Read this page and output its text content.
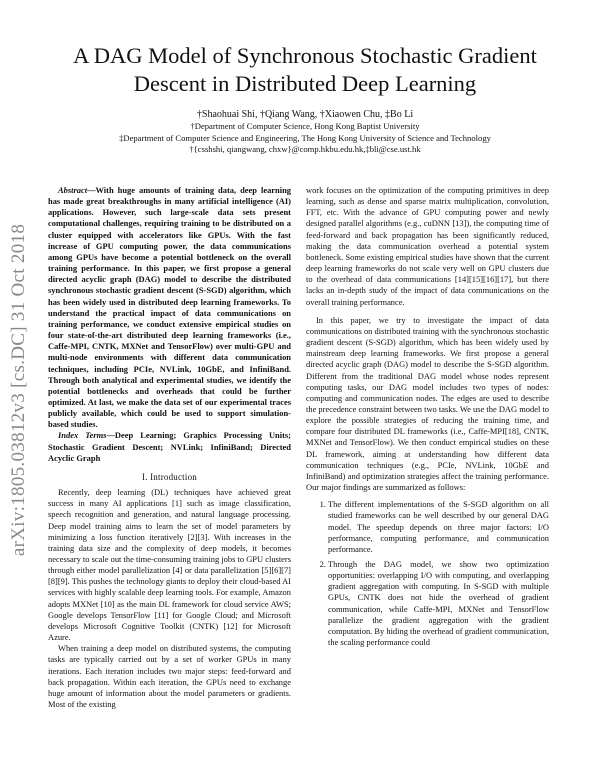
arXiv:1805.03812v3 [cs.DC] 31 Oct 2018
A DAG Model of Synchronous Stochastic Gradient Descent in Distributed Deep Learning
†Shaohuai Shi, †Qiang Wang, †Xiaowen Chu, ‡Bo Li
†Department of Computer Science, Hong Kong Baptist University
‡Department of Computer Science and Engineering, The Hong Kong University of Science and Technology
†{csshshi, qiangwang, chxw}@comp.hkbu.edu.hk,‡bli@cse.ust.hk

Abstract—With huge amounts of training data, deep learning has made great breakthroughs in many artificial intelligence (AI) applications. However, such large-scale data sets present computational challenges, requiring training to be distributed on a cluster equipped with accelerators like GPUs. With the fast increase of GPU computing power, the data communications among GPUs have become a potential bottleneck on the overall training performance. In this paper, we first propose a general directed acyclic graph (DAG) model to describe the distributed synchronous stochastic gradient descent (S-SGD) algorithm, which has been widely used in distributed deep learning frameworks. To understand the practical impact of data communications on training performance, we conduct extensive empirical studies on four state-of-the-art distributed deep learning frameworks (i.e., Caffe-MPI, CNTK, MXNet and TensorFlow) over multi-GPU and multi-node environments with different data communication techniques, including PCIe, NVLink, 10GbE, and InfiniBand. Through both analytical and experimental studies, we identify the potential bottlenecks and overheads that could be further optimized. At last, we make the data set of our experimental traces publicly available, which could be used to support simulation-based studies.

Index Terms—Deep Learning; Graphics Processing Units; Stochastic Gradient Descent; NVLink; InfiniBand; Directed Acyclic Graph

I. Introduction

Recently, deep learning (DL) techniques have achieved great success in many AI applications [1] such as image classification, speech recognition and generation, and natural language processing. Deep model training aims to learn the set of model parameters by minimizing a loss function iteratively [2][3]. With increases in the training data size and the complexity of deep models, it becomes necessary to scale out the time-consuming training jobs to GPU clusters through either model parallelization [4] or data parallelization [5][6][7][8][9]. This pushes the technology giants to deploy their cloud-based AI services with highly scalable deep learning tools. For example, Amazon adopts MXNet [10] as the main DL framework for cloud service AWS; Google develops TensorFlow [11] for Google Cloud; and Microsoft develops Microsoft Cognitive Toolkit (CNTK) [12] for Microsoft Azure.

When training a deep model on distributed systems, the computing tasks are typically carried out by a set of worker GPUs in many iterations. Each iteration includes two major steps: feed-forward and back propagation. Within each iteration, the GPUs need to exchange huge amount of information about the model parameters or gradients. Most of the existing

work focuses on the optimization of the computing primitives in deep learning, such as dense and sparse matrix multiplication, convolution, FFT, etc. With the advance of GPU computing power and newly designed parallel algorithms (e.g., cuDNN [13]), the computing time of feed-forward and back propagation has been significantly reduced, making the data communication overhead a potential system bottleneck. Some existing empirical studies have shown that the current deep learning frameworks do not scale very well on GPU clusters due to the overhead of data communications [14][15][16][17], but there lacks an in-depth study of the impact of data communications on the overall training performance.

In this paper, we try to investigate the impact of data communications on distributed training with the synchronous stochastic gradient descent (S-SGD) algorithm, which has been widely used by mainstream deep learning frameworks. We first propose a general directed acyclic graph (DAG) model to describe the S-SGD algorithm. Different from the traditional DAG model whose nodes represent computing tasks, our DAG model includes two types of nodes: computing and communication nodes. The edges are used to describe the precedence constraint between two tasks. We use the DAG model to explore the possible strategies of reducing the training time, and compare four distributed DL frameworks (i.e., Caffe-MPI[18], CNTK, MXNet and TensorFlow). We then conduct empirical studies on these DL framework, aiming at understanding how different data communication techniques (e.g., PCIe, NVLink, 10GbE and InfiniBand) and optimization strategies affect the training performance. Our major findings are summarized as follows:

1. The different implementations of the S-SGD algorithm on all studied frameworks can be well described by our general DAG model. The speedup depends on three major factors: I/O performance, computing performance, and communication performance.
2. Through the DAG model, we show two optimization opportunities: overlapping I/O with computing, and overlapping gradient aggregation with computing. In S-SGD with multiple GPUs, CNTK does not hide the overhead of gradient communication, while Caffe-MPI, MXNet and TensorFlow parallelize the gradient aggregation with the gradient computation. By hiding the overhead of gradient communication, the scaling performance could
